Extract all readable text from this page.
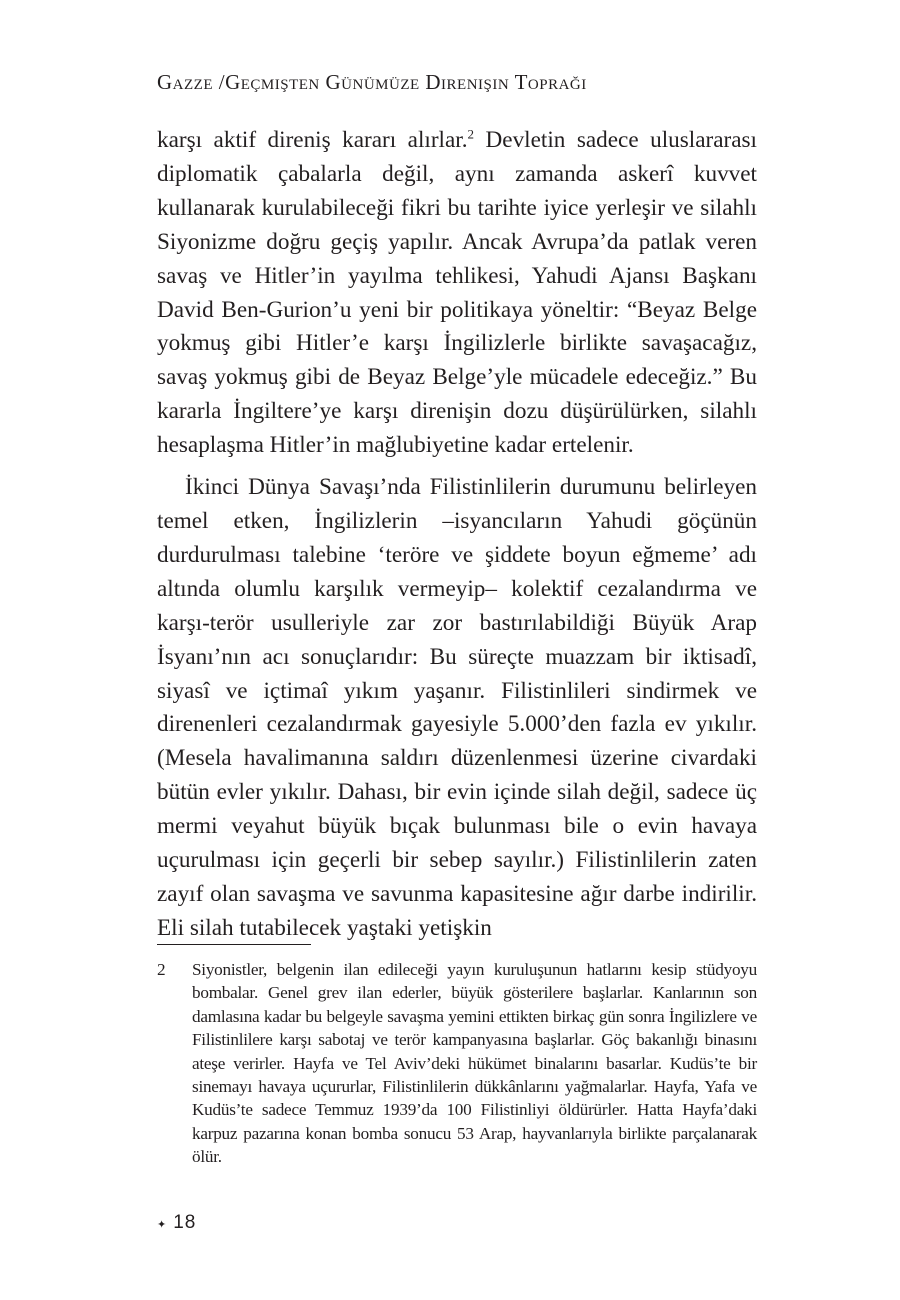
Gazze /Geçmişten Günümüze Direnişin Toprağı

karşı aktif direniş kararı alırlar.$^2$ Devletin sadece uluslararası diplomatik çabalarla değil, aynı zamanda askerî kuvvet kullanarak kurulabileceği fikri bu tarihte iyice yerleşir ve silahlı Siyonizme doğru geçiş yapılır. Ancak Avrupa’da patlak veren savaş ve Hitler’in yayılma tehlikesi, Yahudi Ajansı Başkanı David Ben-Gurion’u yeni bir politikaya yöneltir: “Beyaz Belge yokmuş gibi Hitler’e karşı İngilizlerle birlikte savaşacağız, savaş yokmuş gibi de Beyaz Belge’yle mücadele edeceğiz.” Bu kararla İngiltere’ye karşı direnişin dozu düşürülürken, silahlı hesaplaşma Hitler’in mağlubiyetine kadar ertelenir.

İkinci Dünya Savaşı’nda Filistinlilerin durumunu belirleyen temel etken, İngilizlerin –isyancıların Yahudi göçünün durdurulması talebine ‘teröre ve şiddete boyun eğmeme’ adı altında olumlu karşılık vermeyip– kolektif cezalandırma ve karşı-terör usulleriyle zar zor bastırılabildiği Büyük Arap İsyanı’nın acı sonuçlarıdır: Bu süreçte muazzam bir iktisadî, siyasî ve içtimaî yıkım yaşanır. Filistinlileri sindirmek ve direnenleri cezalandırmak gayesiyle 5.000’den fazla ev yıkılır. (Mesela havalimanına saldırı düzenlenmesi üzerine civardaki bütün evler yıkılır. Dahası, bir evin içinde silah değil, sadece üç mermi veyahut büyük bıçak bulunması bile o evin havaya uçurulması için geçerli bir sebep sayılır.) Filistinlilerin zaten zayıf olan savaşma ve savunma kapasitesine ağır darbe indirilir. Eli silah tutabilecek yaştaki yetişkin

2 Siyonistler, belgenin ilan edileceği yayın kuruluşunun hatlarını kesip stüdyoyu bombalar. Genel grev ilan ederler, büyük gösterilere başlarlar. Kanlarının son damlasına kadar bu belgeyle savaşma yemini ettikten birkaç gün sonra İngilizlere ve Filistinlilere karşı sabotaj ve terör kampanyasına başlarlar. Göç bakanlığı binasını ateşe verirler. Hayfa ve Tel Aviv’deki hükümet binalarını basarlar. Kudüs’te bir sinemayı havaya uçururlar, Filistinlilerin dükkânlarını yağmalarlar. Hayfa, Yafa ve Kudüs’te sadece Temmuz 1939’da 100 Filistinliyi öldürürler. Hatta Hayfa’daki karpuz pazarına konan bomba sonucu 53 Arap, hayvanlarıyla birlikte parçalanarak ölür.
✦ 18
